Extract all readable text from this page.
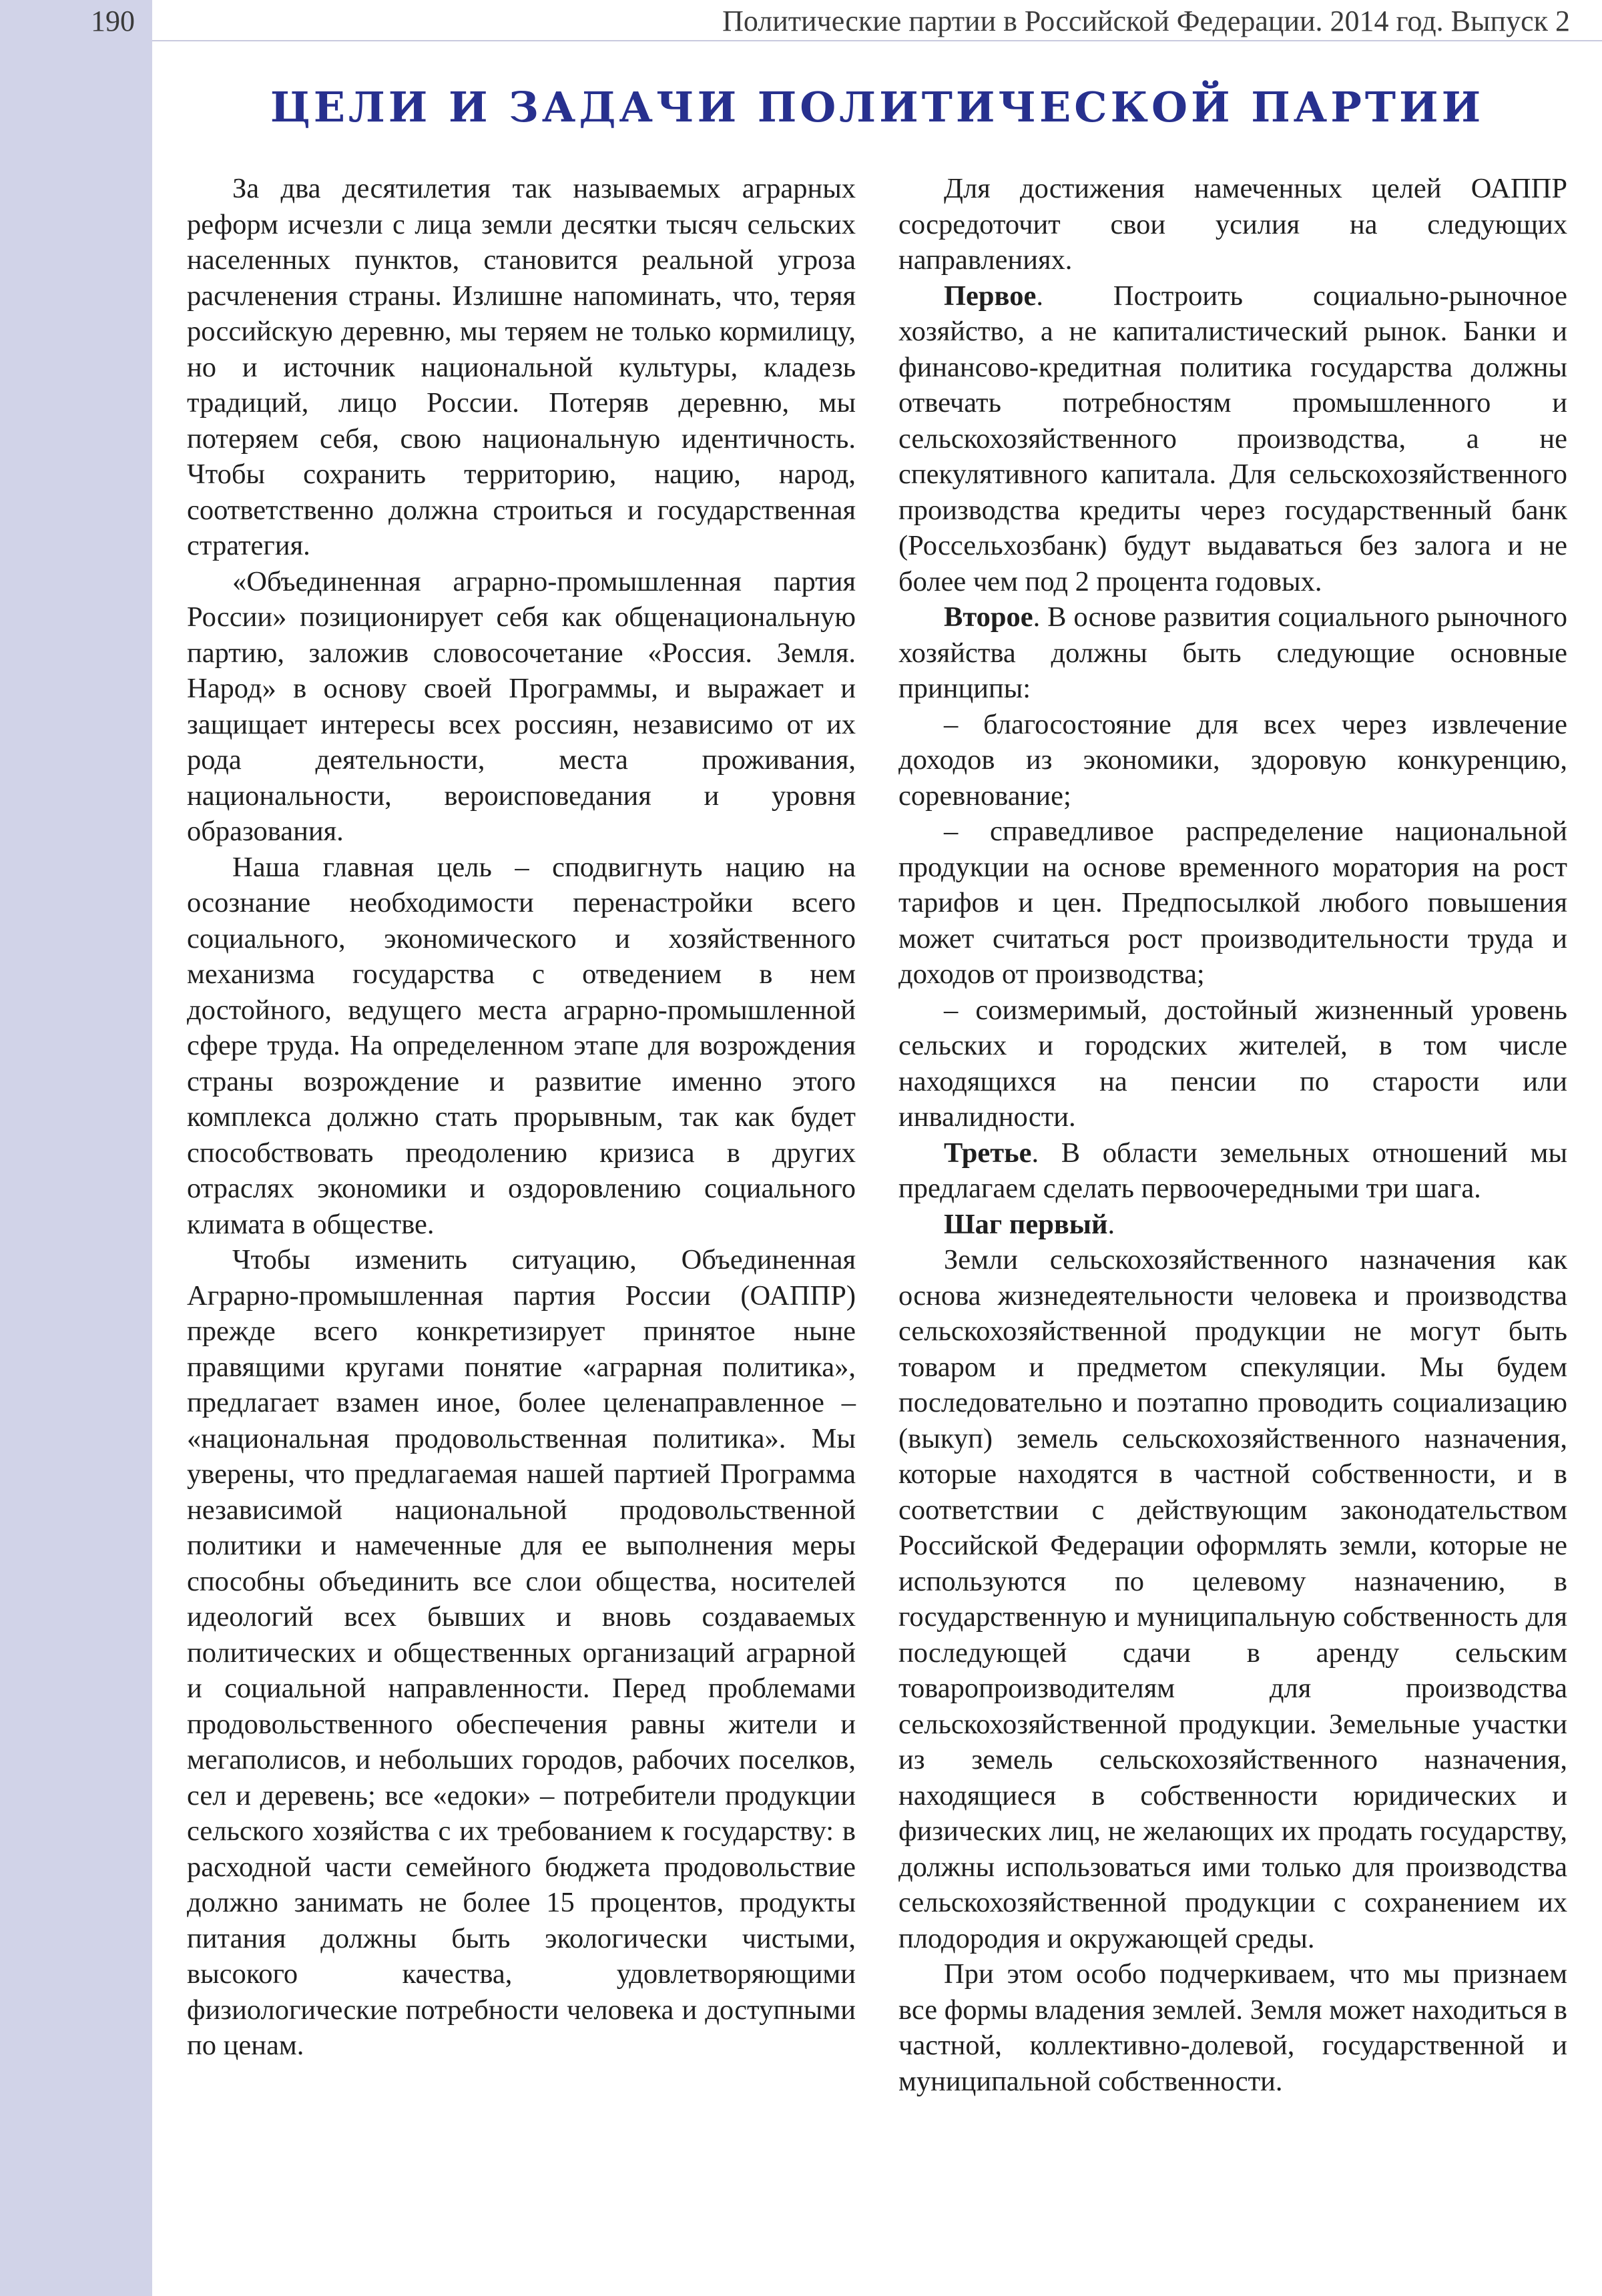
190	Политические партии в Российской Федерации. 2014 год. Выпуск 2
ЦЕЛИ И ЗАДАЧИ ПОЛИТИЧЕСКОЙ ПАРТИИ

За два десятилетия так называемых аграрных реформ исчезли с лица земли десятки тысяч сельских населенных пунктов, становится реальной угроза расчленения страны. Излишне напоминать, что, теряя российскую деревню, мы теряем не только кормилицу, но и источник национальной культуры, кладезь традиций, лицо России. Потеряв деревню, мы потеряем себя, свою национальную идентичность. Чтобы сохранить территорию, нацию, народ, соответственно должна строиться и государственная стратегия.

«Объединенная аграрно-промышленная партия России» позиционирует себя как общенациональную партию, заложив словосочетание «Россия. Земля. Народ» в основу своей Программы, и выражает и защищает интересы всех россиян, независимо от их рода деятельности, места проживания, национальности, вероисповедания и уровня образования.

Наша главная цель – сподвигнуть нацию на осознание необходимости перенастройки всего социального, экономического и хозяйственного механизма государства с отведением в нем достойного, ведущего места аграрно-промышленной сфере труда. На определенном этапе для возрождения страны возрождение и развитие именно этого комплекса должно стать прорывным, так как будет способствовать преодолению кризиса в других отраслях экономики и оздоровлению социального климата в обществе.

Чтобы изменить ситуацию, Объединенная Аграрно-промышленная партия России (ОАППР) прежде всего конкретизирует принятое ныне правящими кругами понятие «аграрная политика», предлагает взамен иное, более целенаправленное – «национальная продовольственная политика». Мы уверены, что предлагаемая нашей партией Программа независимой национальной продовольственной политики и намеченные для ее выполнения меры способны объединить все слои общества, носителей идеологий всех бывших и вновь создаваемых политических и общественных организаций аграрной и социальной направленности. Перед проблемами продовольственного обеспечения равны жители и мегаполисов, и небольших городов, рабочих поселков, сел и деревень; все «едоки» – потребители продукции сельского хозяйства с их требованием к государству: в расходной части семейного бюджета продовольствие должно занимать не более 15 процентов, продукты питания должны быть экологически чистыми, высокого качества, удовлетворяющими физиологические потребности человека и доступными по ценам.

Для достижения намеченных целей ОАППР сосредоточит свои усилия на следующих направлениях.

Первое. Построить социально-рыночное хозяйство, а не капиталистический рынок. Банки и финансово-кредитная политика государства должны отвечать потребностям промышленного и сельскохозяйственного производства, а не спекулятивного капитала. Для сельскохозяйственного производства кредиты через государственный банк (Россельхозбанк) будут выдаваться без залога и не более чем под 2 процента годовых.

Второе. В основе развития социального рыночного хозяйства должны быть следующие основные принципы:

– благосостояние для всех через извлечение доходов из экономики, здоровую конкуренцию, соревнование;

– справедливое распределение национальной продукции на основе временного моратория на рост тарифов и цен. Предпосылкой любого повышения может считаться рост производительности труда и доходов от производства;

– соизмеримый, достойный жизненный уровень сельских и городских жителей, в том числе находящихся на пенсии по старости или инвалидности.

Третье. В области земельных отношений мы предлагаем сделать первоочередными три шага.

Шаг первый.

Земли сельскохозяйственного назначения как основа жизнедеятельности человека и производства сельскохозяйственной продукции не могут быть товаром и предметом спекуляции. Мы будем последовательно и поэтапно проводить социализацию (выкуп) земель сельскохозяйственного назначения, которые находятся в частной собственности, и в соответствии с действующим законодательством Российской Федерации оформлять земли, которые не используются по целевому назначению, в государственную и муниципальную собственность для последующей сдачи в аренду сельским товаропроизводителям для производства сельскохозяйственной продукции. Земельные участки из земель сельскохозяйственного назначения, находящиеся в собственности юридических и физических лиц, не желающих их продать государству, должны использоваться ими только для производства сельскохозяйственной продукции с сохранением их плодородия и окружающей среды.

При этом особо подчеркиваем, что мы признаем все формы владения землей. Земля может находиться в частной, коллективно-долевой, государственной и муниципальной собственности.
